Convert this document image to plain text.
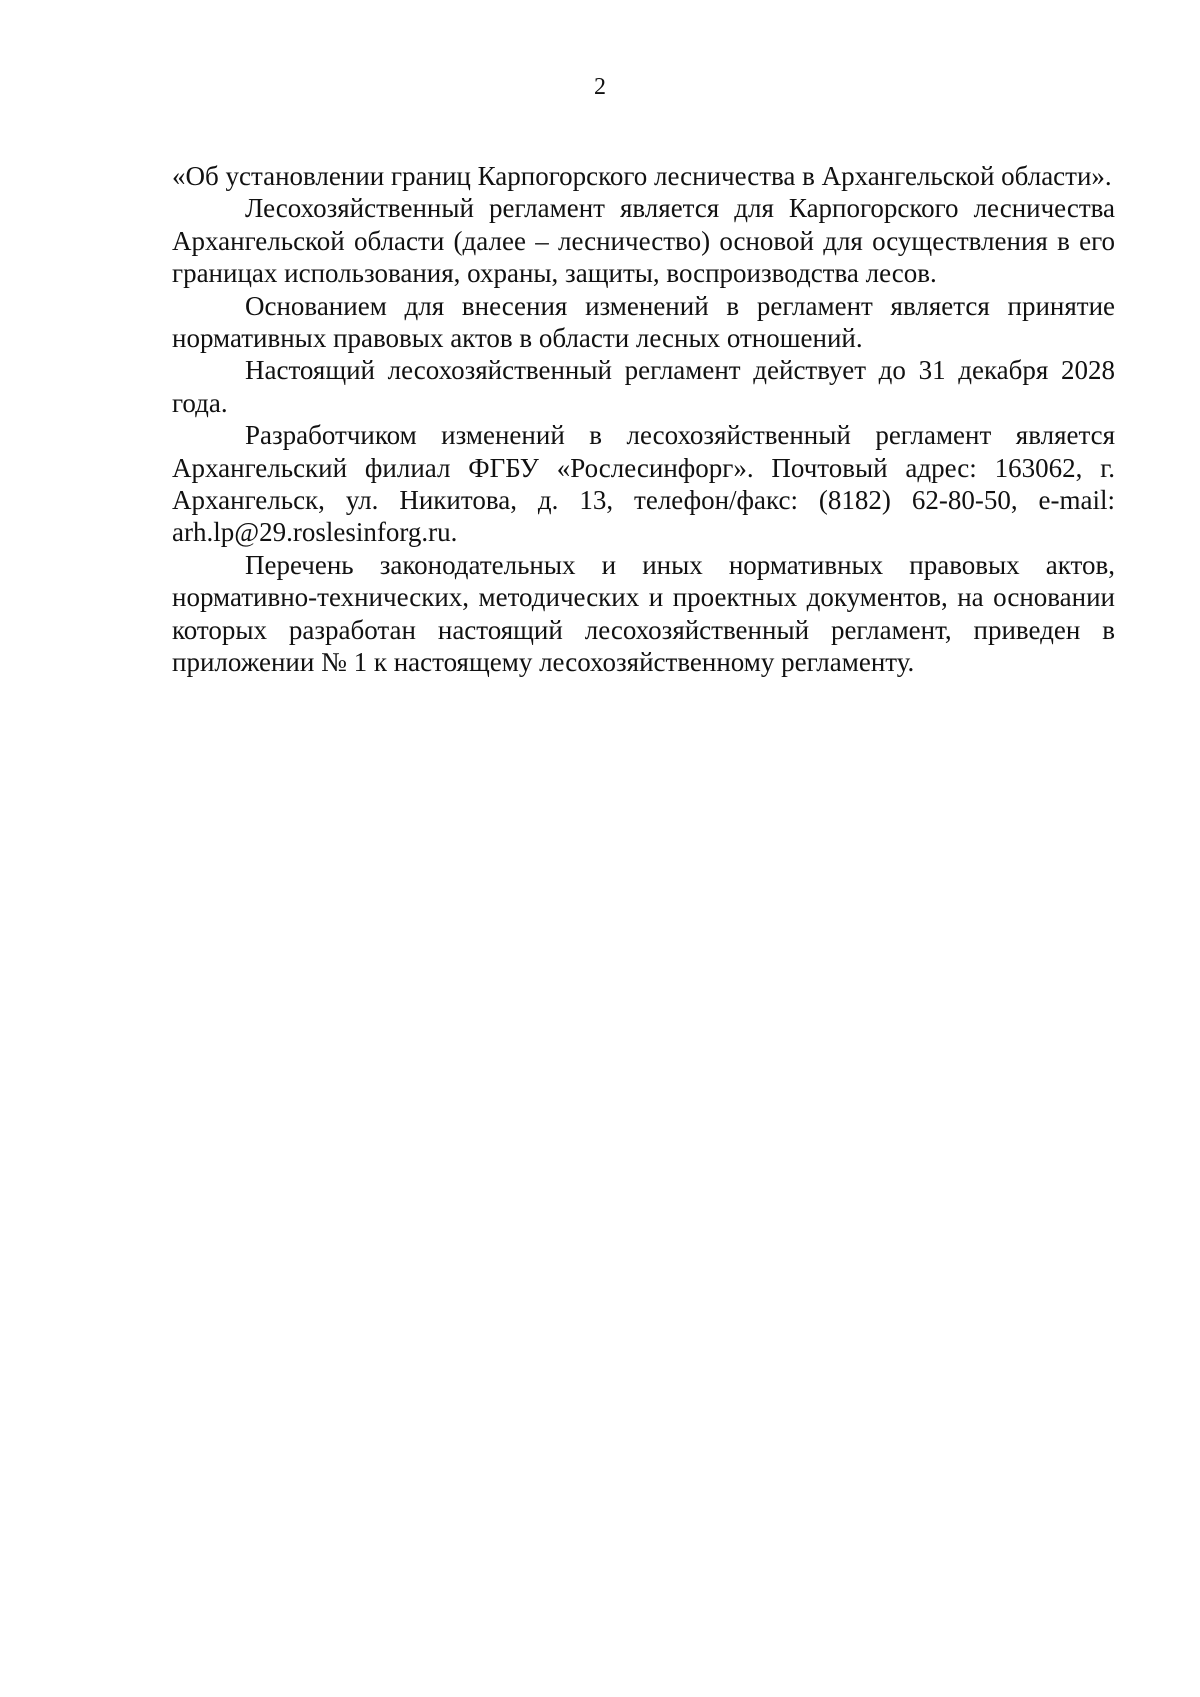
2

«Об установлении границ Карпогорского лесничества в Архангельской области».

Лесохозяйственный регламент является для Карпогорского лесничества Архангельской области (далее – лесничество) основой для осуществления в его границах использования, охраны, защиты, воспроизводства лесов.

Основанием для внесения изменений в регламент является принятие нормативных правовых актов в области лесных отношений.

Настоящий лесохозяйственный регламент действует до 31 декабря 2028 года.

Разработчиком изменений в лесохозяйственный регламент является Архангельский филиал ФГБУ «Рослесинфорг». Почтовый адрес: 163062, г. Архангельск, ул. Никитова, д. 13, телефон/факс: (8182) 62-80-50, e-mail: arh.lp@29.roslesinforg.ru.

Перечень законодательных и иных нормативных правовых актов, нормативно-технических, методических и проектных документов, на основании которых разработан настоящий лесохозяйственный регламент, приведен в приложении № 1 к настоящему лесохозяйственному регламенту.
